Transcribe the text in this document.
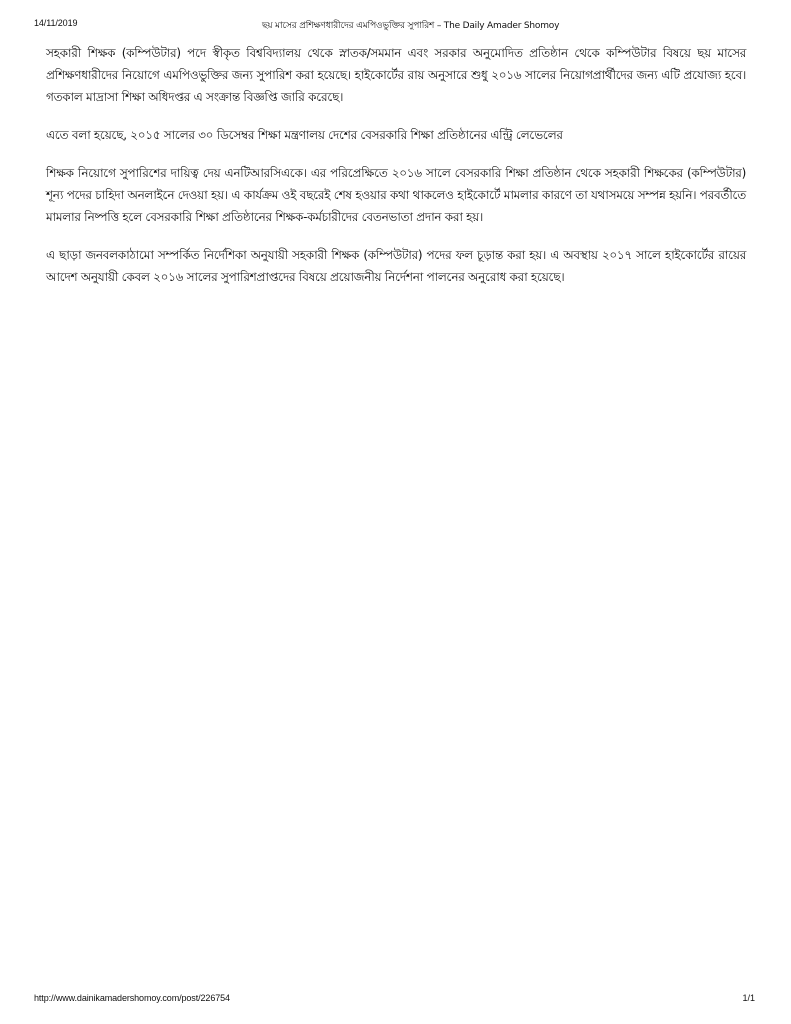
14/11/2019	ছয় মাসের প্রশিক্ষণধারীদের এমপিওভুক্তির সুপারিশ – The Daily Amader Shomoy

সহকারী শিক্ষক (কম্পিউটার) পদে স্বীকৃত বিশ্ববিদ্যালয় থেকে স্নাতক/সমমান এবং সরকার অনুমোদিত প্রতিষ্ঠান থেকে কম্পিউটার বিষয়ে ছয় মাসের প্রশিক্ষণধারীদের নিয়োগে এমপিওভুক্তির জন্য সুপারিশ করা হয়েছে। হাইকোর্টের রায় অনুসারে শুধু ২০১৬ সালের নিয়োগপ্রার্থীদের জন্য এটি প্রযোজ্য হবে। গতকাল মাদ্রাসা শিক্ষা অধিদপ্তর এ সংক্রান্ত বিজ্ঞপ্তি জারি করেছে।

এতে বলা হয়েছে, ২০১৫ সালের ৩০ ডিসেম্বর শিক্ষা মন্ত্রণালয় দেশের বেসরকারি শিক্ষা প্রতিষ্ঠানের এন্ট্রি লেভেলের

শিক্ষক নিয়োগে সুপারিশের দায়িত্ব দেয় এনটিআরসিএকে। এর পরিপ্রেক্ষিতে ২০১৬ সালে বেসরকারি শিক্ষা প্রতিষ্ঠান থেকে সহকারী শিক্ষকের (কম্পিউটার) শূন্য পদের চাহিদা অনলাইনে দেওয়া হয়। এ কার্যক্রম ওই বছরেই শেষ হওয়ার কথা থাকলেও হাইকোর্টে মামলার কারণে তা যথাসময়ে সম্পন্ন হয়নি। পরবর্তীতে মামলার নিষ্পত্তি হলে বেসরকারি শিক্ষা প্রতিষ্ঠানের শিক্ষক-কর্মচারীদের বেতনভাতা প্রদান করা হয়।

এ ছাড়া জনবলকাঠামো সম্পর্কিত নির্দেশিকা অনুযায়ী সহকারী শিক্ষক (কম্পিউটার) পদের ফল চূড়ান্ত করা হয়। এ অবস্থায় ২০১৭ সালে হাইকোর্টের রায়ের আদেশ অনুযায়ী কেবল ২০১৬ সালের সুপারিশপ্রাপ্তদের বিষয়ে প্রয়োজনীয় নির্দেশনা পালনের অনুরোধ করা হয়েছে।

http://www.dainikamadershomoy.com/post/226754	1/1
